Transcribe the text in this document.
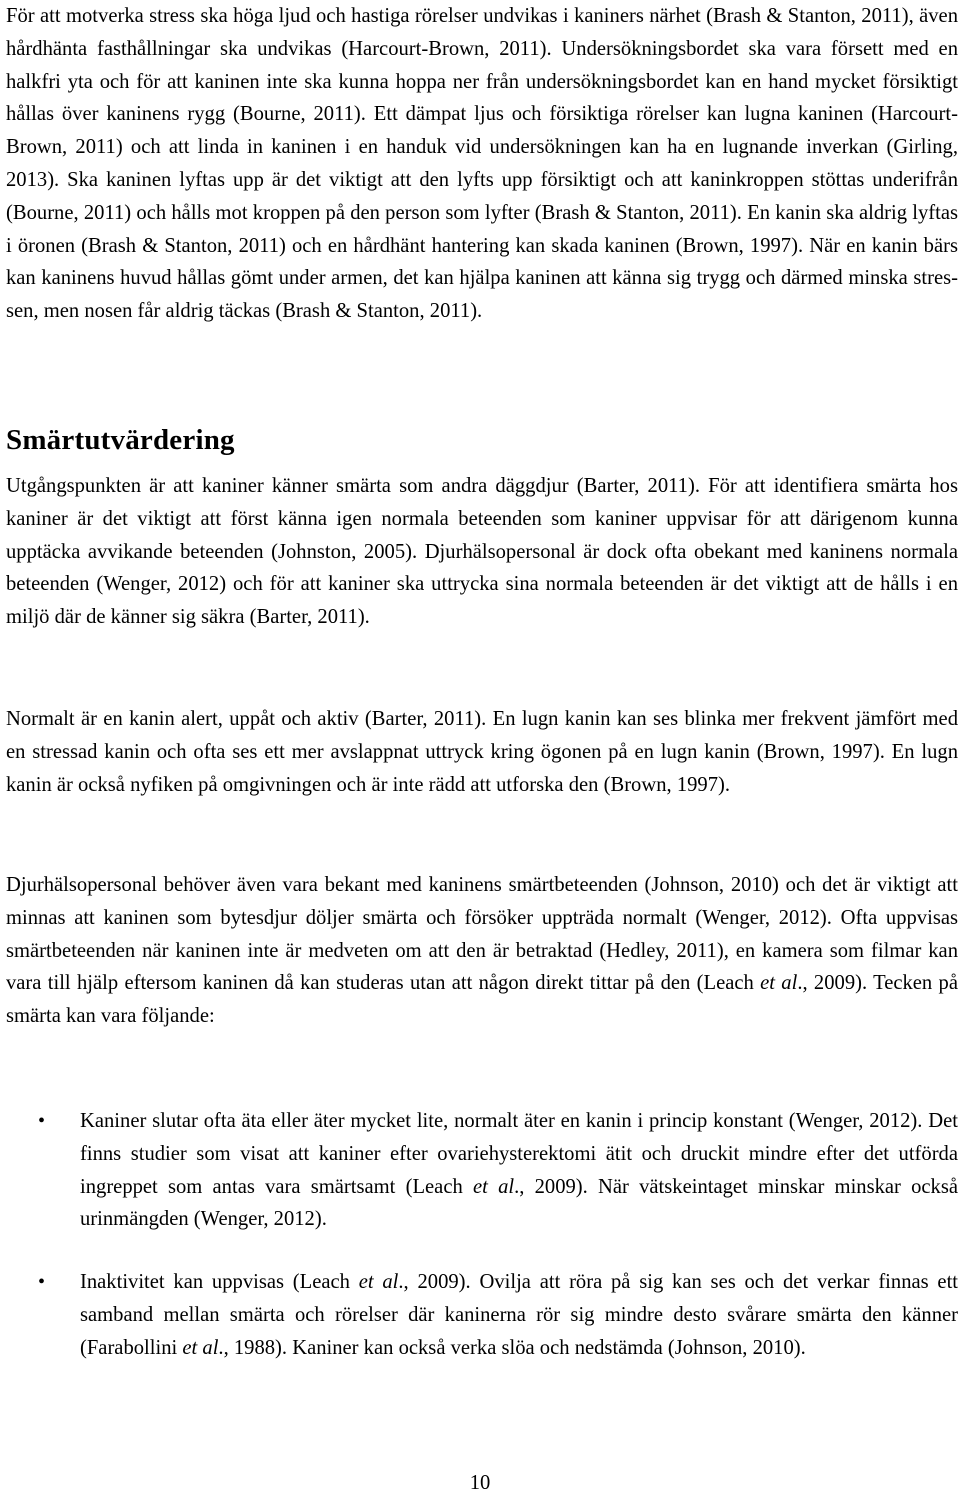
För att motverka stress ska höga ljud och hastiga rörelser undvikas i kaniners närhet (Brash & Stanton, 2011), även hårdhänta fasthållningar ska undvikas (Harcourt-Brown, 2011). Undersökningsbordet ska vara försett med en halkfri yta och för att kaninen inte ska kunna hoppa ner från undersökningsbordet kan en hand mycket försiktigt hållas över kaninens rygg (Bourne, 2011). Ett dämpat ljus och försiktiga rörelser kan lugna kaninen (Harcourt-Brown, 2011) och att linda in kaninen i en handuk vid undersökningen kan ha en lugnande inverkan (Girling, 2013). Ska kaninen lyftas upp är det viktigt att den lyfts upp försiktigt och att kaninkroppen stöttas underifrån (Bourne, 2011) och hålls mot kroppen på den person som lyfter (Brash & Stanton, 2011). En kanin ska aldrig lyftas i öronen (Brash & Stanton, 2011) och en hårdhänt hantering kan skada kaninen (Brown, 1997). När en kanin bärs kan kaninens huvud hållas gömt under armen, det kan hjälpa kaninen att känna sig trygg och därmed minska stressen, men nosen får aldrig täckas (Brash & Stanton, 2011).

Smärtutvärdering

Utgångspunkten är att kaniner känner smärta som andra däggdjur (Barter, 2011). För att identifiera smärta hos kaniner är det viktigt att först känna igen normala beteenden som kaniner uppvisar för att därigenom kunna upptäcka avvikande beteenden (Johnston, 2005). Djurhälsopersonal är dock ofta obekant med kaninens normala beteenden (Wenger, 2012) och för att kaniner ska uttrycka sina normala beteenden är det viktigt att de hålls i en miljö där de känner sig säkra (Barter, 2011).

Normalt är en kanin alert, uppåt och aktiv (Barter, 2011). En lugn kanin kan ses blinka mer frekvent jämfört med en stressad kanin och ofta ses ett mer avslappnat uttryck kring ögonen på en lugn kanin (Brown, 1997). En lugn kanin är också nyfiken på omgivningen och är inte rädd att utforska den (Brown, 1997).

Djurhälsopersonal behöver även vara bekant med kaninens smärtbeteenden (Johnson, 2010) och det är viktigt att minnas att kaninen som bytesdjur döljer smärta och försöker uppträda normalt (Wenger, 2012). Ofta uppvisas smärtbeteenden när kaninen inte är medveten om att den är betraktad (Hedley, 2011), en kamera som filmar kan vara till hjälp eftersom kaninen då kan studeras utan att någon direkt tittar på den (Leach et al., 2009). Tecken på smärta kan vara följande:

• Kaniner slutar ofta äta eller äter mycket lite, normalt äter en kanin i princip konstant (Wenger, 2012). Det finns studier som visat att kaniner efter ovariehysterektomi ätit och druckit mindre efter det utförda ingreppet som antas vara smärtsamt (Leach et al., 2009). När vätskeintaget minskar minskar också urinmängden (Wenger, 2012).
• Inaktivitet kan uppvisas (Leach et al., 2009). Ovilja att röra på sig kan ses och det verkar finnas ett samband mellan smärta och rörelser där kaninerna rör sig mindre desto svårare smärta den känner (Farabollini et al., 1988). Kaniner kan också verka slöa och nedstämda (Johnson, 2010).
10
